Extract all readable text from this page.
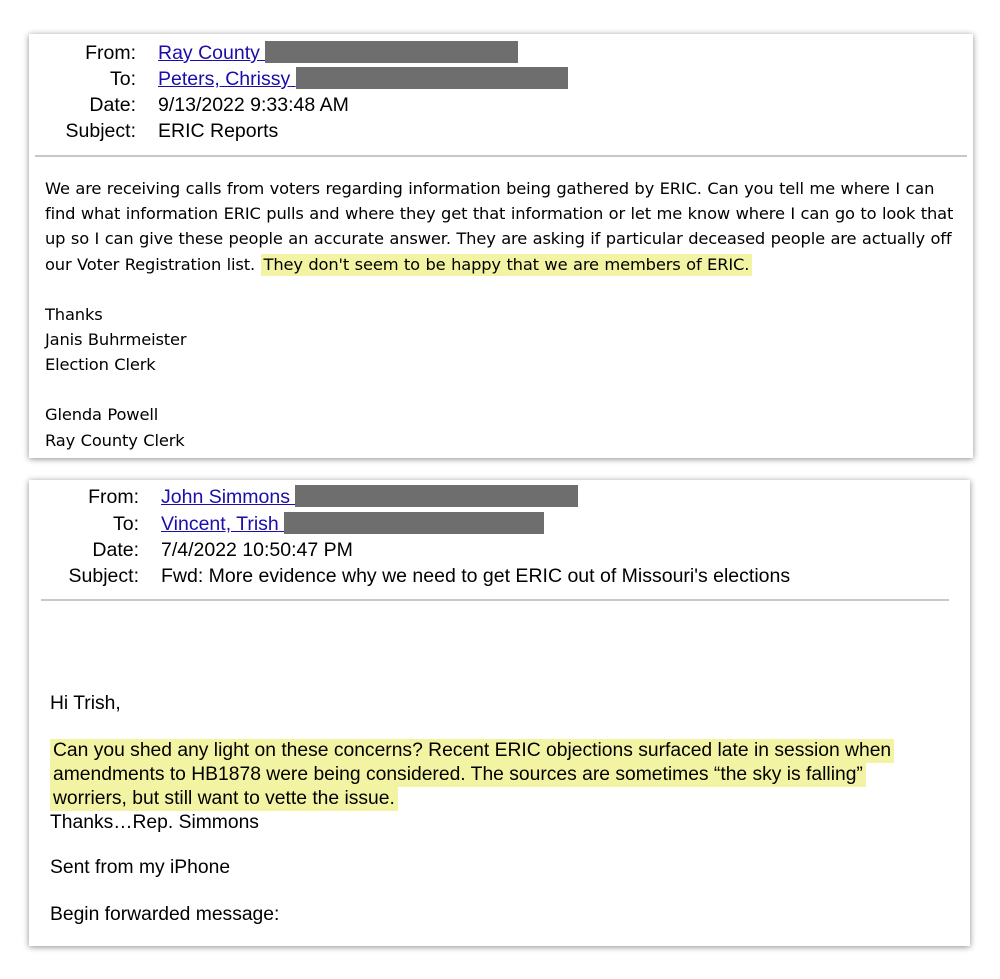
From: Ray County
To: Peters, Chrissy
Date: 9/13/2022 9:33:48 AM
Subject: ERIC Reports

We are receiving calls from voters regarding information being gathered by ERIC. Can you tell me where I can find what information ERIC pulls and where they get that information or let me know where I can go to look that up so I can give these people an accurate answer. They are asking if particular deceased people are actually off our Voter Registration list. They don't seem to be happy that we are members of ERIC.

Thanks

Janis Buhrmeister

Election Clerk

Glenda Powell

Ray County Clerk

From: John Simmons
To: Vincent, Trish
Date: 7/4/2022 10:50:47 PM
Subject: Fwd: More evidence why we need to get ERIC out of Missouri's elections

Hi Trish,

Can you shed any light on these concerns? Recent ERIC objections surfaced late in session when

amendments to HB1878 were being considered. The sources are sometimes “the sky is falling”

worriers, but still want to vette the issue.

Thanks…Rep. Simmons

Sent from my iPhone

Begin forwarded message:
